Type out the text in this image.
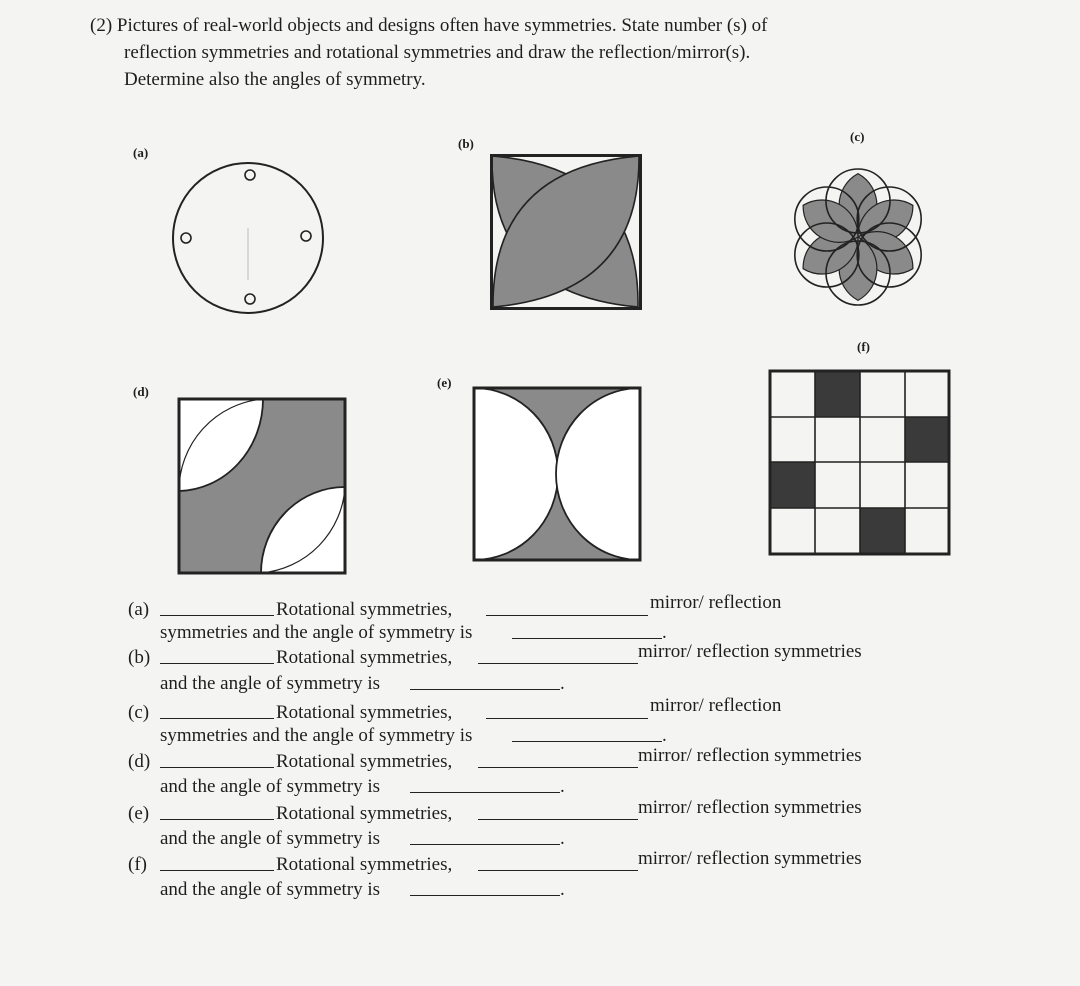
(2) Pictures of real-world objects and designs often have symmetries. State number (s) of

reflection symmetries and rotational symmetries and draw the reflection/mirror(s).

Determine also the angles of symmetry.

(a)
(b)	(c)
(d)
(e)
(f)
(a)	Rotational symmetries,	mirror/ reflection
symmetries and the angle of symmetry is	.
(b)	Rotational symmetries,	mirror/ reflection symmetries
and the angle of symmetry is	.
(c)	Rotational symmetries,	mirror/ reflection
symmetries and the angle of symmetry is	.
(d)	Rotational symmetries,	mirror/ reflection symmetries
and the angle of symmetry is	.
(e)	Rotational symmetries,	mirror/ reflection symmetries
and the angle of symmetry is	.
(f)	Rotational symmetries,	mirror/ reflection symmetries
and the angle of symmetry is	.
